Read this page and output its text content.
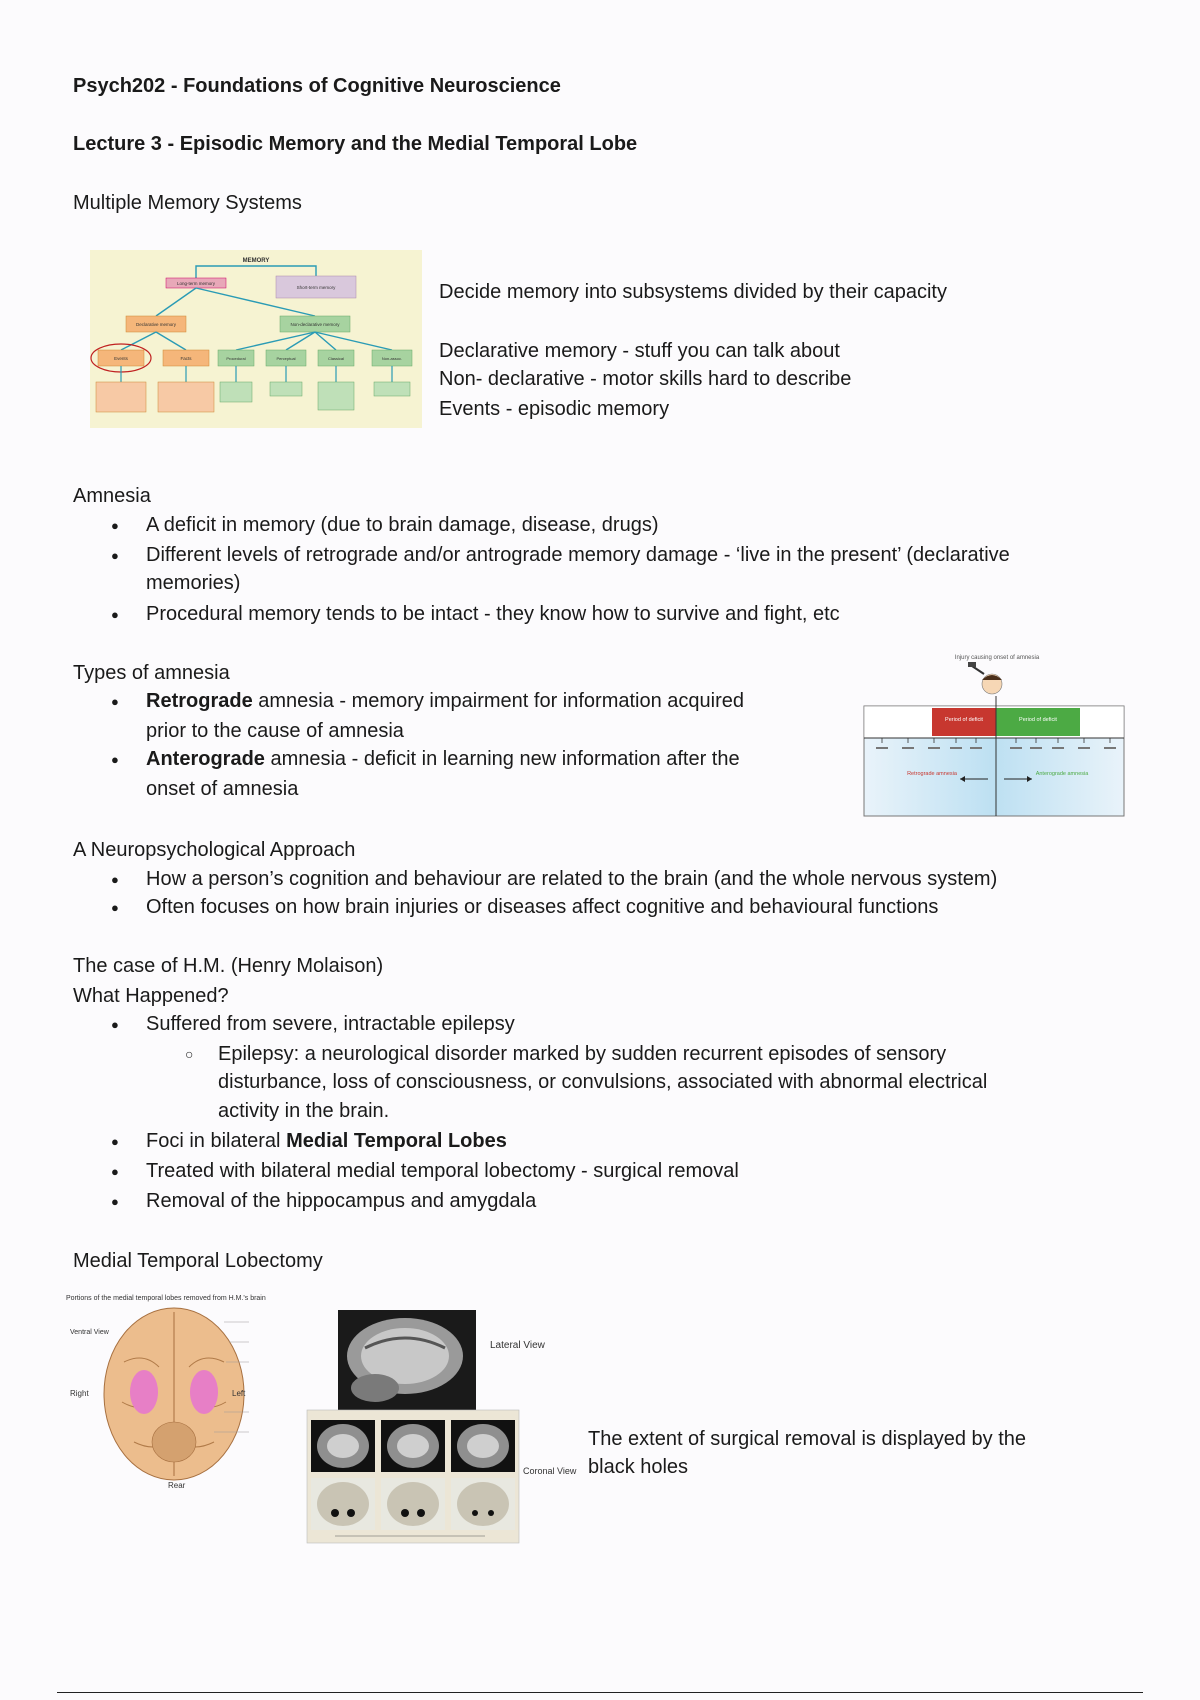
Psych202 - Foundations of Cognitive Neuroscience
Lecture 3 - Episodic Memory and the Medial Temporal Lobe
Multiple Memory Systems
MEMORY
Long-term memory
Short-term memory
Declarative memory	Non-declarative memory
Events	Facts	Procedural	Perceptual	Classical	Non-assoc.
Decide memory into subsystems divided by their capacity
Declarative memory - stuff you can talk about
Non- declarative - motor skills hard to describe
Events - episodic memory
Amnesia
● A deficit in memory (due to brain damage, disease, drugs)
● Different levels of retrograde and/or antrograde memory damage - ‘live in the present’ (declarative
memories)
● Procedural memory tends to be intact - they know how to survive and fight, etc
Types of amnesia
● Retrograde amnesia - memory impairment for information acquired
prior to the cause of amnesia
● Anterograde amnesia - deficit in learning new information after the
onset of amnesia
Injury causing onset of amnesia
Period of deficit	Period of deficit
Retrograde amnesia	Anterograde amnesia
A Neuropsychological Approach
● How a person’s cognition and behaviour are related to the brain (and the whole nervous system)
● Often focuses on how brain injuries or diseases affect cognitive and behavioural functions
The case of H.M. (Henry Molaison)
What Happened?
● Suffered from severe, intractable epilepsy
○ Epilepsy: a neurological disorder marked by sudden recurrent episodes of sensory
disturbance, loss of consciousness, or convulsions, associated with abnormal electrical
activity in the brain.
● Foci in bilateral Medial Temporal Lobes
● Treated with bilateral medial temporal lobectomy - surgical removal
● Removal of the hippocampus and amygdala
Medial Temporal Lobectomy
Portions of the medial temporal lobes removed from H.M.'s brain
Ventral View
Right	Left
Rear
Lateral View
Coronal View
The extent of surgical removal is displayed by the
black holes
